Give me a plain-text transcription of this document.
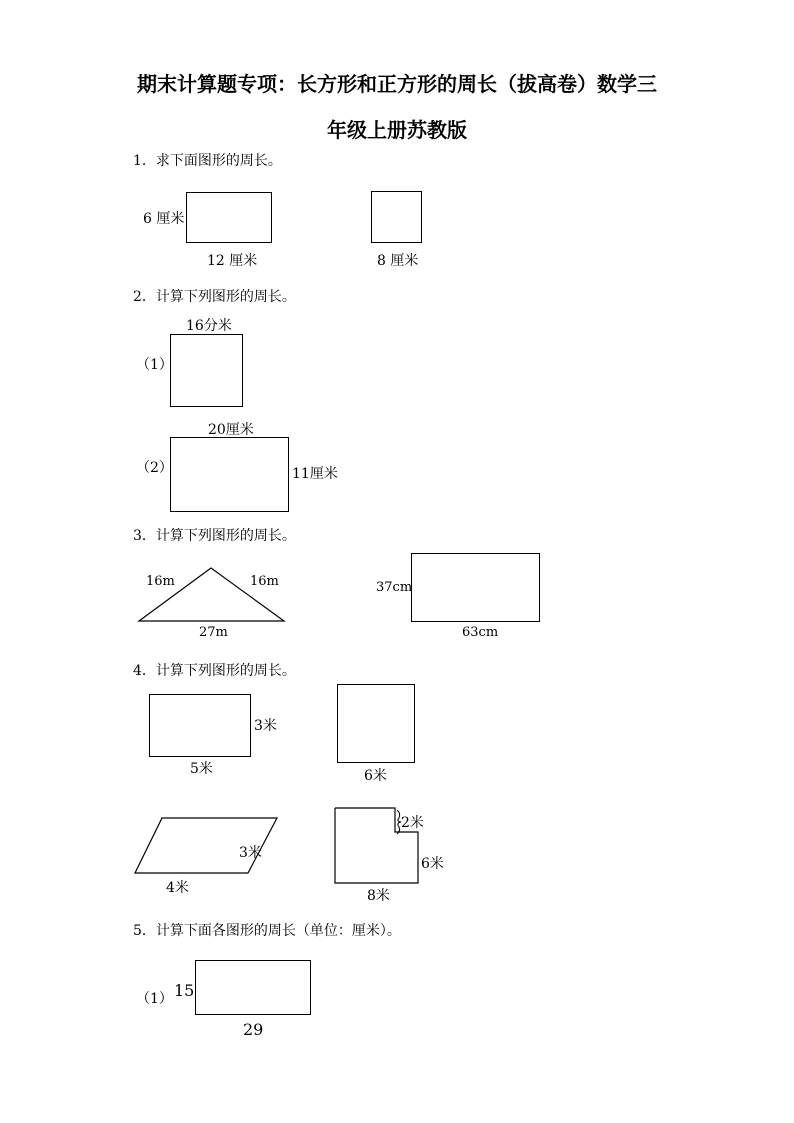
期末计算题专项：长方形和正方形的周长（拔高卷）数学三
年级上册苏教版
1．求下面图形的周长。
6 厘米
12 厘米	8 厘米
2．计算下列图形的周长。
16分米
（1）
20厘米
（2）	11厘米
3．计算下列图形的周长。
16m	16m
27m
37cm
63cm
4．计算下列图形的周长。
3米
5米	6米
3米
4米
2米
6米
8米
5．计算下面各图形的周长（单位：厘米）。
（1） 15
29
